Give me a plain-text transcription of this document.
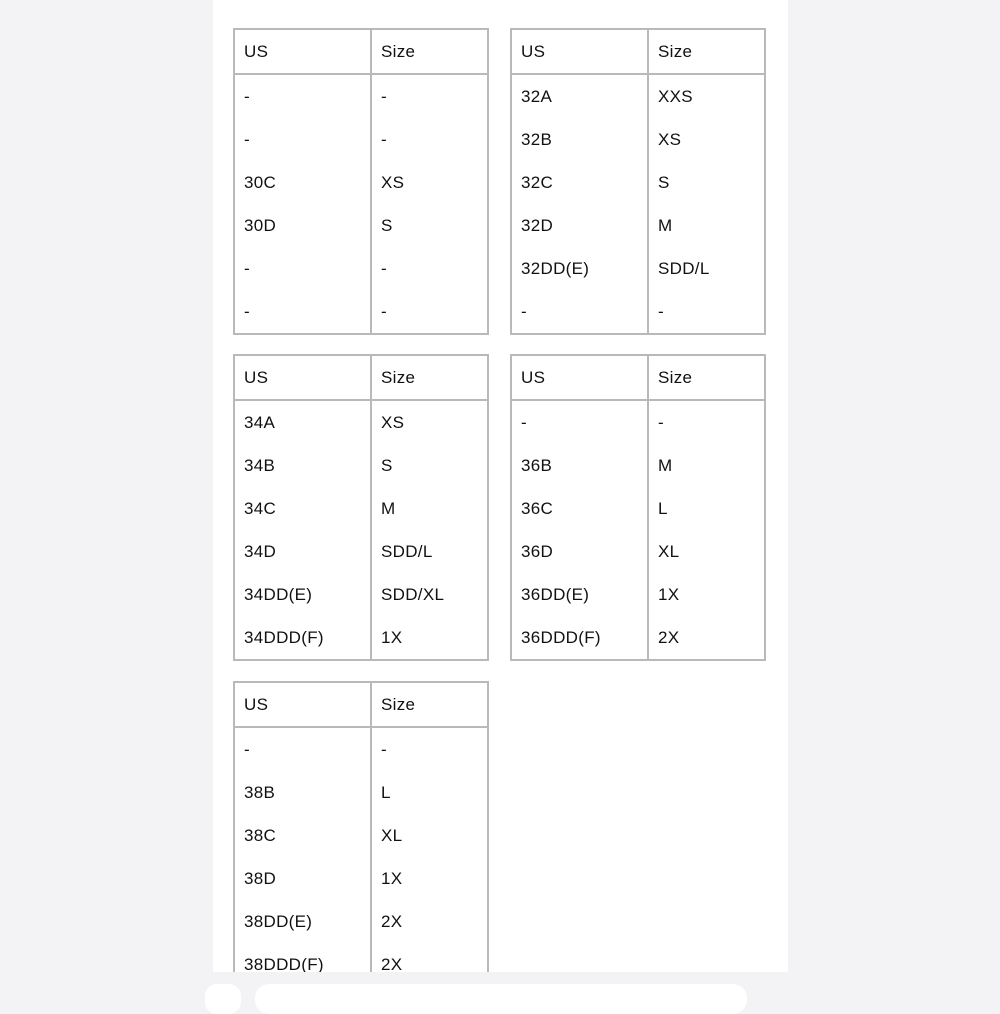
US	Size
-	-
-	-
30C	XS
30D	S
-	-
-	-
US	Size
32A	XXS
32B	XS
32C	S
32D	M
32DD(E)	SDD/L
-	-
US	Size
34A	XS
34B	S
34C	M
34D	SDD/L
34DD(E)	SDD/XL
34DDD(F)	1X
US	Size
-	-
36B	M
36C	L
36D	XL
36DD(E)	1X
36DDD(F)	2X
US	Size
-	-
38B	L
38C	XL
38D	1X
38DD(E)	2X
38DDD(F)	2X
